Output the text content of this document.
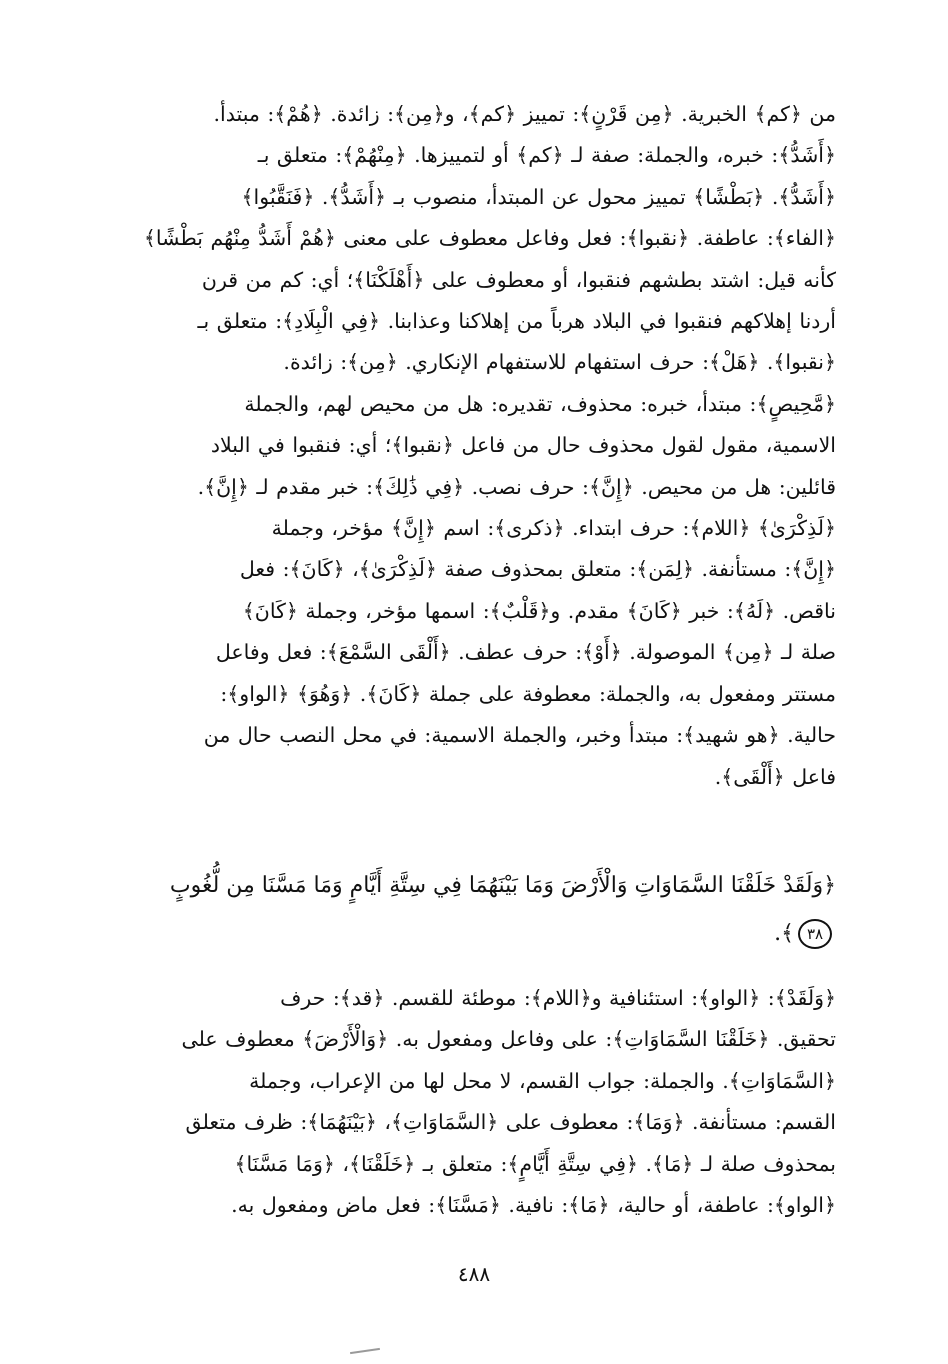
من ﴿كم﴾ الخبرية. ﴿مِن قَرْنٍ﴾: تمييز ﴿كم﴾، و﴿مِن﴾: زائدة. ﴿هُمْ﴾: مبتدأ.
﴿أَشَدُّ﴾: خبره، والجملة: صفة لـ ﴿كم﴾ أو لتمييزها. ﴿مِنْهُمْ﴾: متعلق بـ
﴿أَشَدُّ﴾. ﴿بَطْشًا﴾ تمييز محول عن المبتدأ، منصوب بـ ﴿أَشَدُّ﴾. ﴿فَنَقَّبُوا﴾
﴿الفاء﴾: عاطفة. ﴿نقبوا﴾: فعل وفاعل معطوف على معنى ﴿هُمْ أَشَدُّ مِنْهُم بَطْشًا﴾
كأنه قيل: اشتد بطشهم فنقبوا، أو معطوف على ﴿أَهْلَكْنَا﴾؛ أي: كم من قرن
أردنا إهلاكهم فنقبوا في البلاد هرباً من إهلاكنا وعذابنا. ﴿فِي الْبِلَادِ﴾: متعلق بـ
﴿نقبوا﴾. ﴿هَلْ﴾: حرف استفهام للاستفهام الإنكاري. ﴿مِن﴾: زائدة.
﴿مَّحِيصٍ﴾: مبتدأ، خبره: محذوف، تقديره: هل من محيص لهم، والجملة
الاسمية، مقول لقول محذوف حال من فاعل ﴿نقبوا﴾؛ أي: فنقبوا في البلاد
قائلين: هل من محيص. ﴿إِنَّ﴾: حرف نصب. ﴿فِي ذَٰلِكَ﴾: خبر مقدم لـ ﴿إِنَّ﴾.
﴿لَذِكْرَىٰ﴾ ﴿اللام﴾: حرف ابتداء. ﴿ذكرى﴾: اسم ﴿إِنَّ﴾ مؤخر، وجملة
﴿إِنَّ﴾: مستأنفة. ﴿لِمَن﴾: متعلق بمحذوف صفة ﴿لَذِكْرَىٰ﴾، ﴿كَانَ﴾: فعل
ناقص. ﴿لَهُ﴾: خبر ﴿كَانَ﴾ مقدم. و﴿قَلْبٌ﴾: اسمها مؤخر، وجملة ﴿كَانَ﴾
صلة لـ ﴿مِن﴾ الموصولة. ﴿أَوْ﴾: حرف عطف. ﴿أَلْقَى السَّمْعَ﴾: فعل وفاعل
مستتر ومفعول به، والجملة: معطوفة على جملة ﴿كَانَ﴾. ﴿وَهُوَ﴾ ﴿الواو﴾:
حالية. ﴿هو شهيد﴾: مبتدأ وخبر، والجملة الاسمية: في محل النصب حال من
فاعل ﴿أَلْقَى﴾.
﴿وَلَقَدْ خَلَقْنَا السَّمَاوَاتِ وَالْأَرْضَ وَمَا بَيْنَهُمَا فِي سِتَّةِ أَيَّامٍ وَمَا مَسَّنَا مِن لُّغُوبٍ
٣٨﴾.
﴿وَلَقَدْ﴾: ﴿الواو﴾: استئنافية و﴿اللام﴾: موطئة للقسم. ﴿قد﴾: حرف
تحقيق. ﴿خَلَقْنَا السَّمَاوَاتِ﴾: على وفاعل ومفعول به. ﴿وَالْأَرْضَ﴾ معطوف على
﴿السَّمَاوَاتِ﴾. والجملة: جواب القسم، لا محل لها من الإعراب، وجملة
القسم: مستأنفة. ﴿وَمَا﴾: معطوف على ﴿السَّمَاوَاتِ﴾، ﴿بَيْنَهُمَا﴾: ظرف متعلق
بمحذوف صلة لـ ﴿مَا﴾. ﴿فِي سِتَّةِ أَيَّامٍ﴾: متعلق بـ ﴿خَلَقْنَا﴾، ﴿وَمَا مَسَّنَا﴾
﴿الواو﴾: عاطفة، أو حالية، ﴿مَا﴾: نافية. ﴿مَسَّنَا﴾: فعل ماض ومفعول به.
٤٨٨
